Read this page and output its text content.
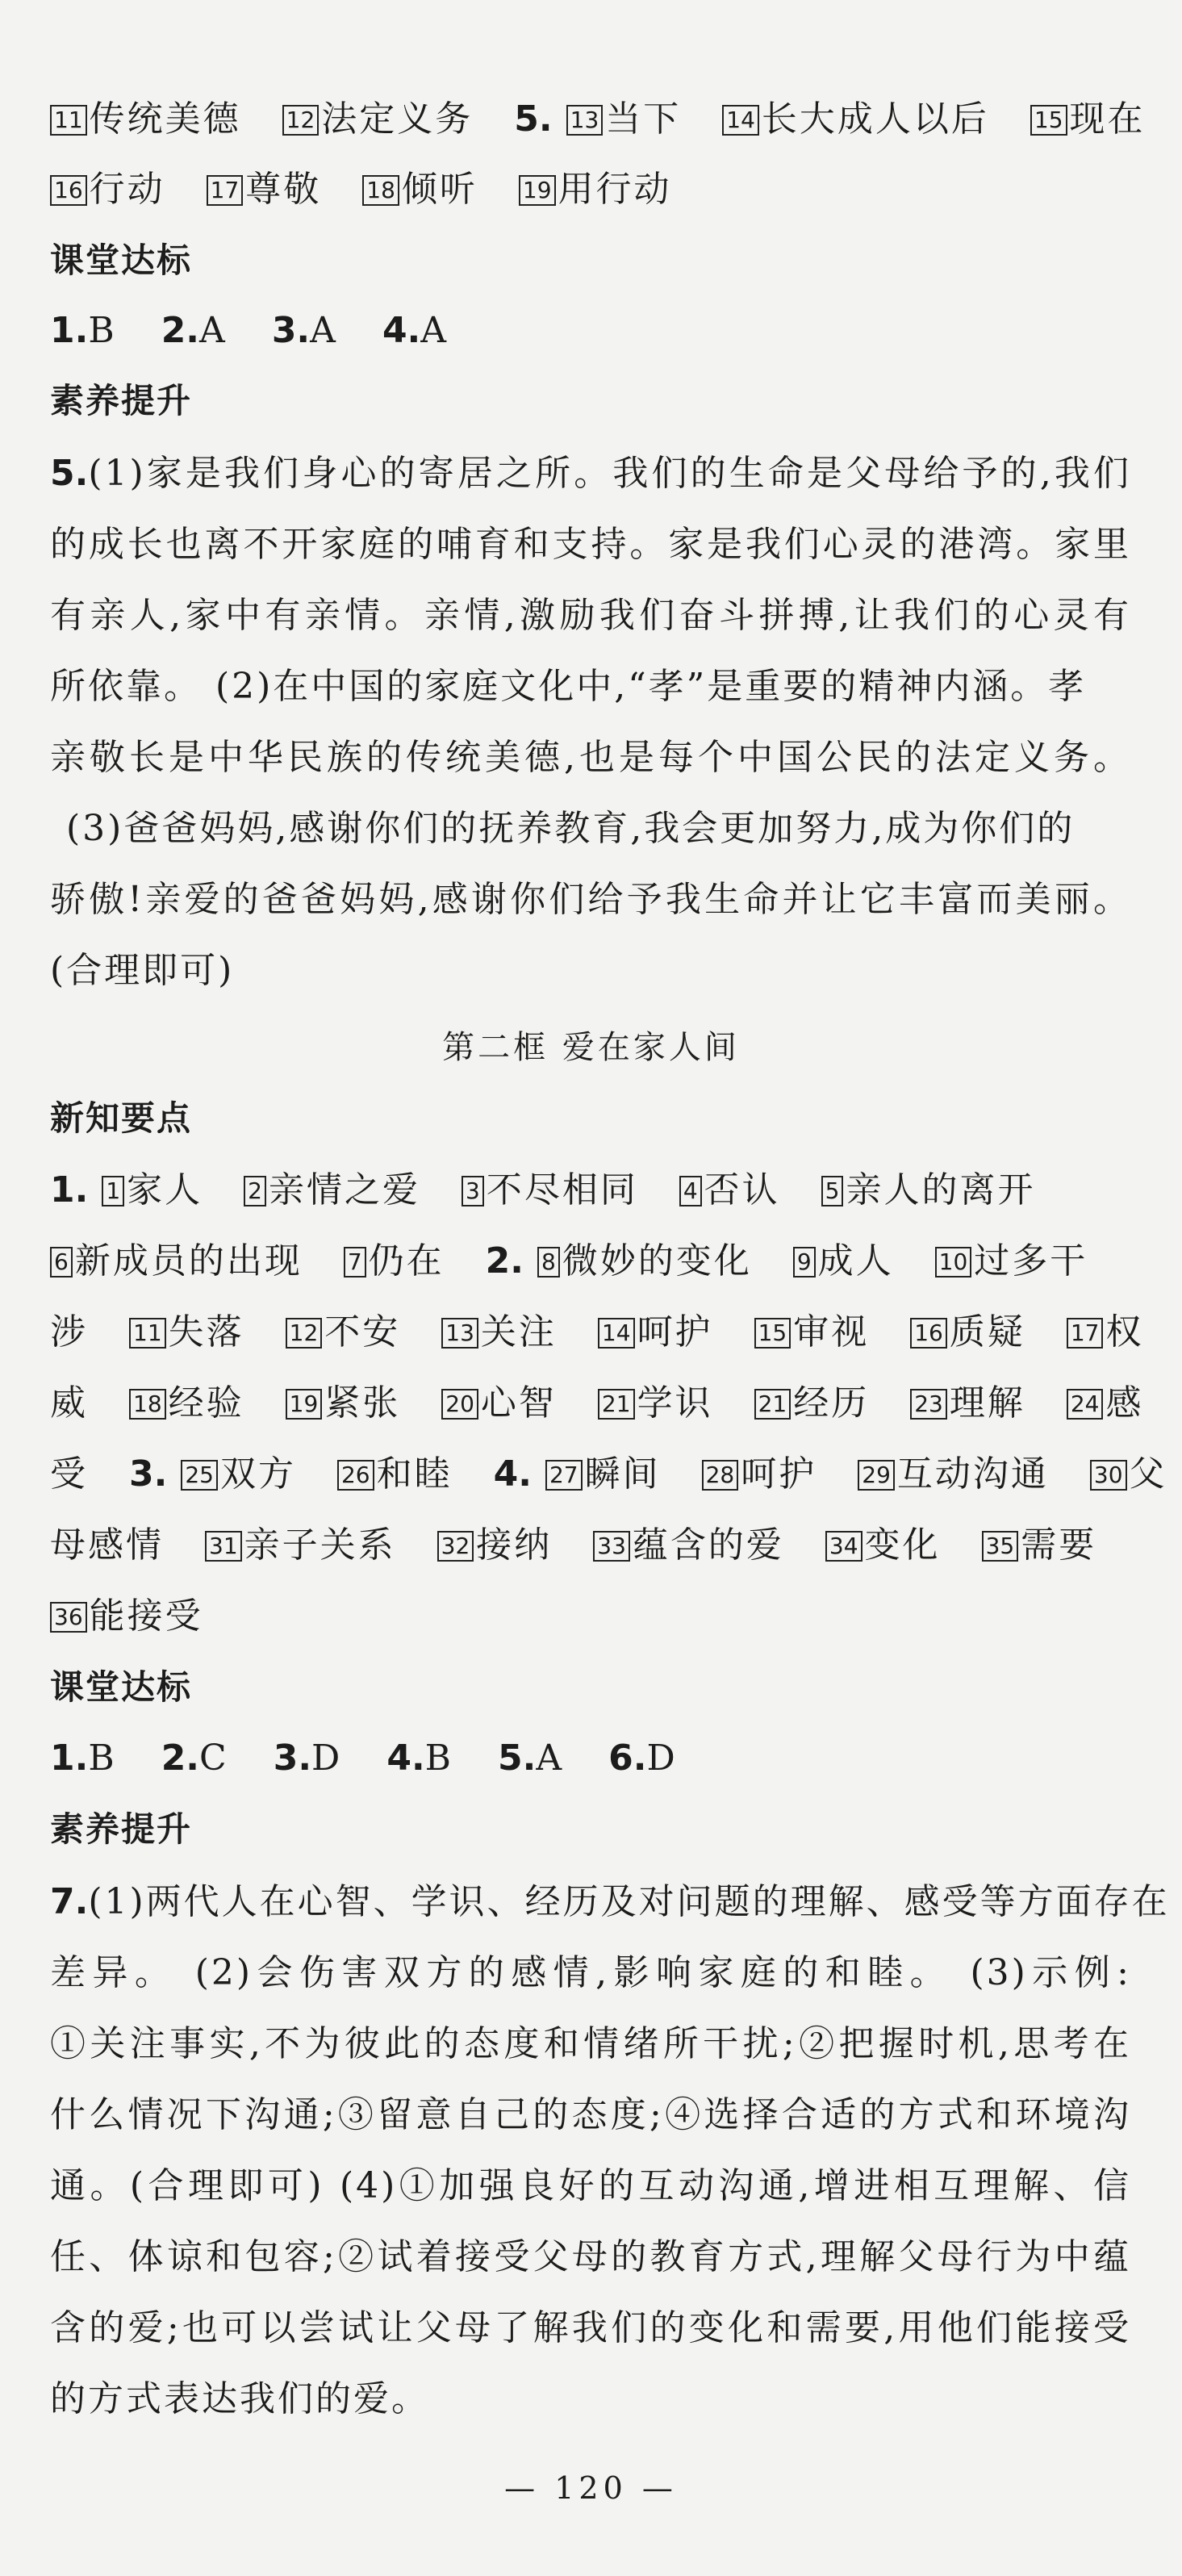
11 传统美德 12 法定义务 5. 13 当下 14 长大成人以后 15 现在
16 行动 17 尊敬 18 倾听 19 用行动
课堂达标
1.B 2.A 3.A 4.A
素养提升
5.(1)家是我们身心的寄居之所。我们的生命是父母给予的,我们
的成长也离不开家庭的哺育和支持。家是我们心灵的港湾。家里
有亲人,家中有亲情。亲情,激励我们奋斗拼搏,让我们的心灵有
所依靠。 (2)在中国的家庭文化中,“孝”是重要的精神内涵。孝
亲敬长是中华民族的传统美德,也是每个中国公民的法定义务。
(3)爸爸妈妈,感谢你们的抚养教育,我会更加努力,成为你们的
骄傲!亲爱的爸爸妈妈,感谢你们给予我生命并让它丰富而美丽。
(合理即可)
第二框 爱在家人间
新知要点
1. 1 家人 2 亲情之爱 3 不尽相同 4 否认 5 亲人的离开
6 新成员的出现 7 仍在 2. 8 微妙的变化 9 成人 10 过多干
涉 11 失落 12 不安 13 关注 14 呵护 15 审视 16 质疑 17 权
威 18 经验 19 紧张 20 心智 21 学识 21 经历 23 理解 24 感
受 3. 25 双方 26 和睦 4. 27 瞬间 28 呵护 29 互动沟通 30 父
母感情 31 亲子关系 32 接纳 33 蕴含的爱 34 变化 35 需要
36 能接受
课堂达标
1.B 2.C 3.D 4.B 5.A 6.D
素养提升
7.(1)两代人在心智、学识、经历及对问题的理解、感受等方面存在
差异。 (2)会伤害双方的感情,影响家庭的和睦。 (3)示例:
①关注事实,不为彼此的态度和情绪所干扰;②把握时机,思考在
什么情况下沟通;③留意自己的态度;④选择合适的方式和环境沟
通。(合理即可) (4)①加强良好的互动沟通,增进相互理解、信
任、体谅和包容;②试着接受父母的教育方式,理解父母行为中蕴
含的爱;也可以尝试让父母了解我们的变化和需要,用他们能接受
的方式表达我们的爱。
— 120 —
